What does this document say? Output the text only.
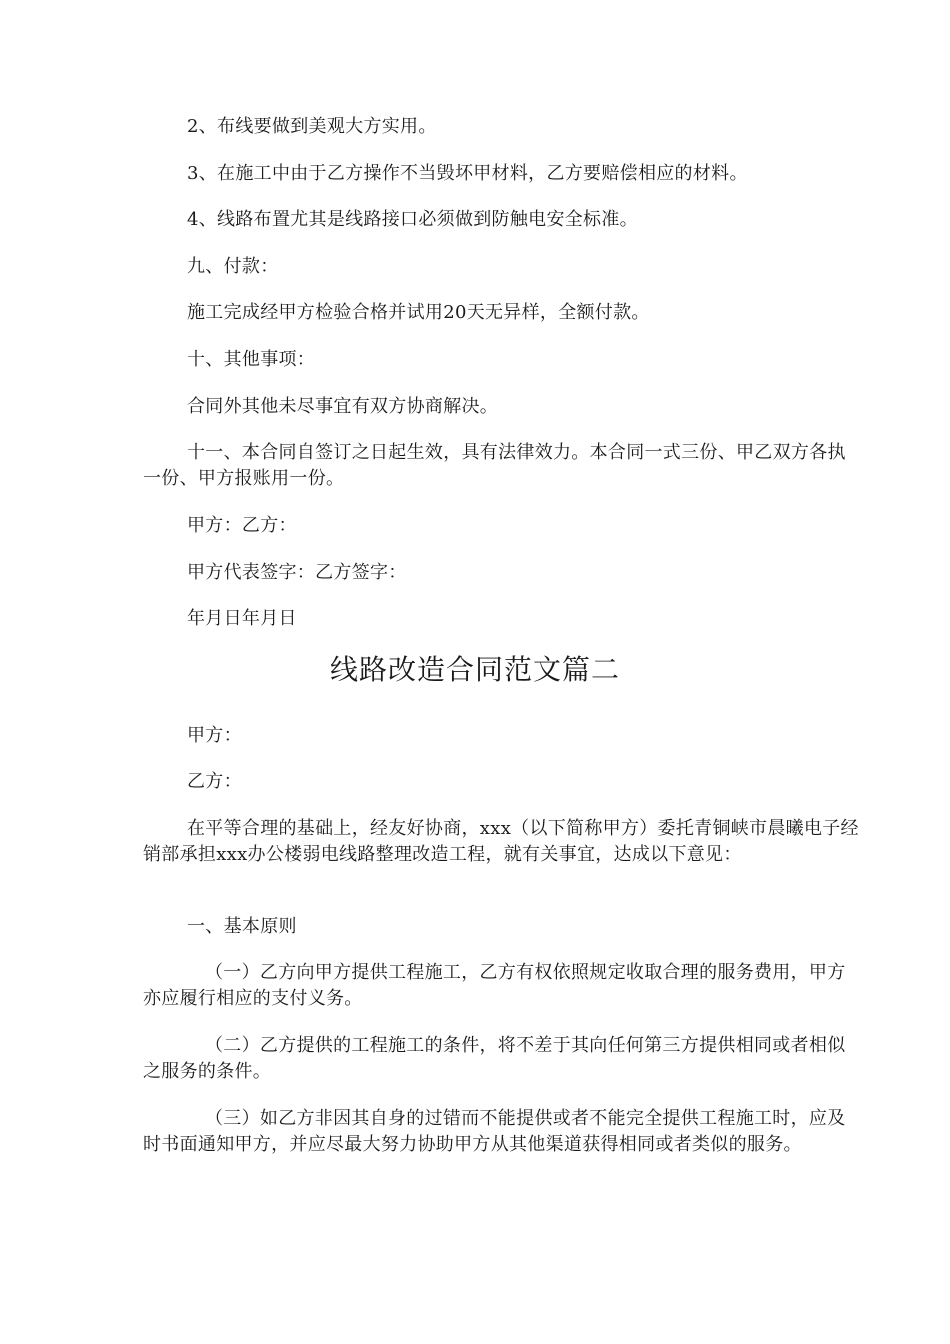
2、布线要做到美观大方实用。

3、在施工中由于乙方操作不当毁坏甲材料，乙方要赔偿相应的材料。

4、线路布置尤其是线路接口必须做到防触电安全标准。

九、付款：

施工完成经甲方检验合格并试用20天无异样，全额付款。

十、其他事项：

合同外其他未尽事宜有双方协商解决。

十一、本合同自签订之日起生效，具有法律效力。本合同一式三份、甲乙双方各执一份、甲方报账用一份。

甲方：乙方：

甲方代表签字：乙方签字：

年月日年月日

线路改造合同范文篇二

甲方：

乙方：

在平等合理的基础上，经友好协商，xxx（以下简称甲方）委托青铜峡市晨曦电子经销部承担xxx办公楼弱电线路整理改造工程，就有关事宜，达成以下意见：

一、基本原则

（一）乙方向甲方提供工程施工，乙方有权依照规定收取合理的服务费用，甲方亦应履行相应的支付义务。

（二）乙方提供的工程施工的条件，将不差于其向任何第三方提供相同或者相似之服务的条件。

（三）如乙方非因其自身的过错而不能提供或者不能完全提供工程施工时，应及时书面通知甲方，并应尽最大努力协助甲方从其他渠道获得相同或者类似的服务。
